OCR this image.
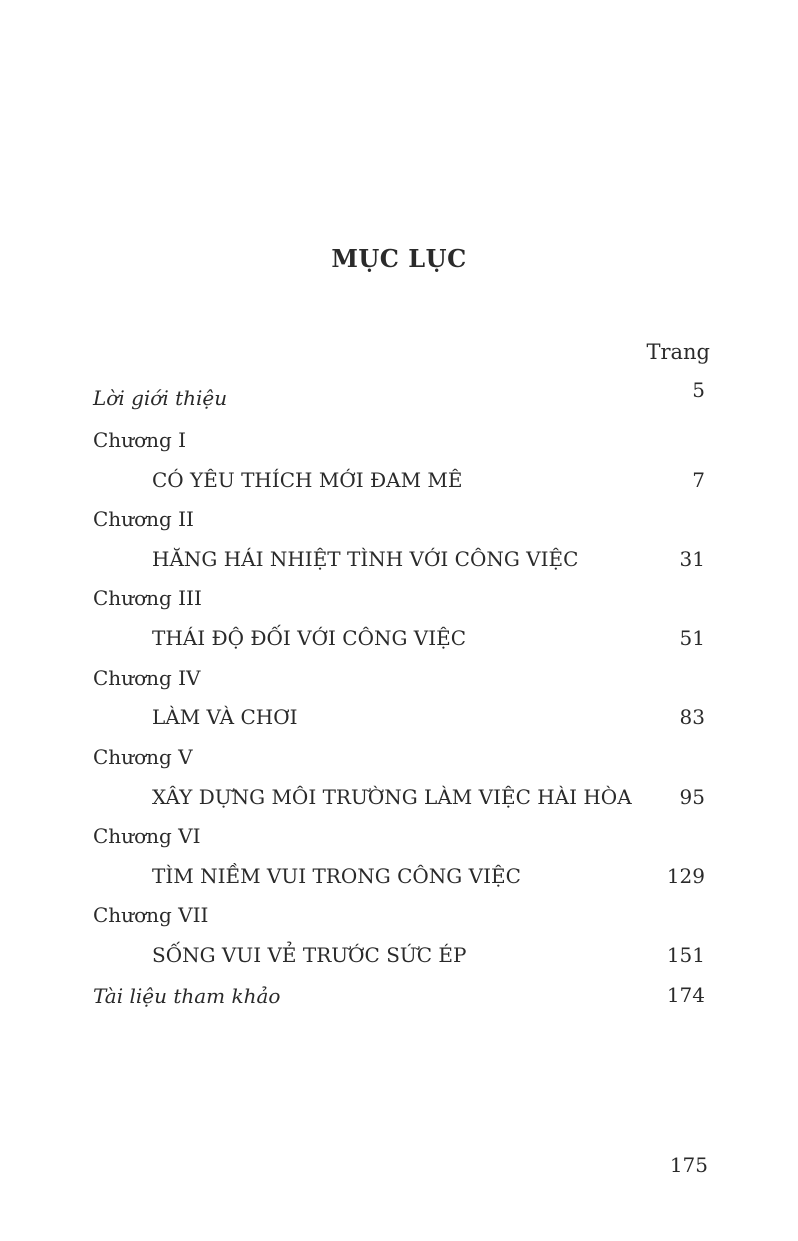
MỤC LỤC
Trang
Lời giới thiệu	5
Chương I
CÓ YÊU THÍCH MỚI ĐAM MÊ	7
Chương II
HĂNG HÁI NHIỆT TÌNH VỚI CÔNG VIỆC	31
Chương III
THÁI ĐỘ ĐỐI VỚI CÔNG VIỆC	51
Chương IV
LÀM VÀ CHƠI	83
Chương V
XÂY DỰNG MÔI TRƯỜNG LÀM VIỆC HÀI HÒA 95
Chương VI
TÌM NIỀM VUI TRONG CÔNG VIỆC	129
Chương VII
SỐNG VUI VẺ TRƯỚC SỨC ÉP	151
Tài liệu tham khảo	174
175
